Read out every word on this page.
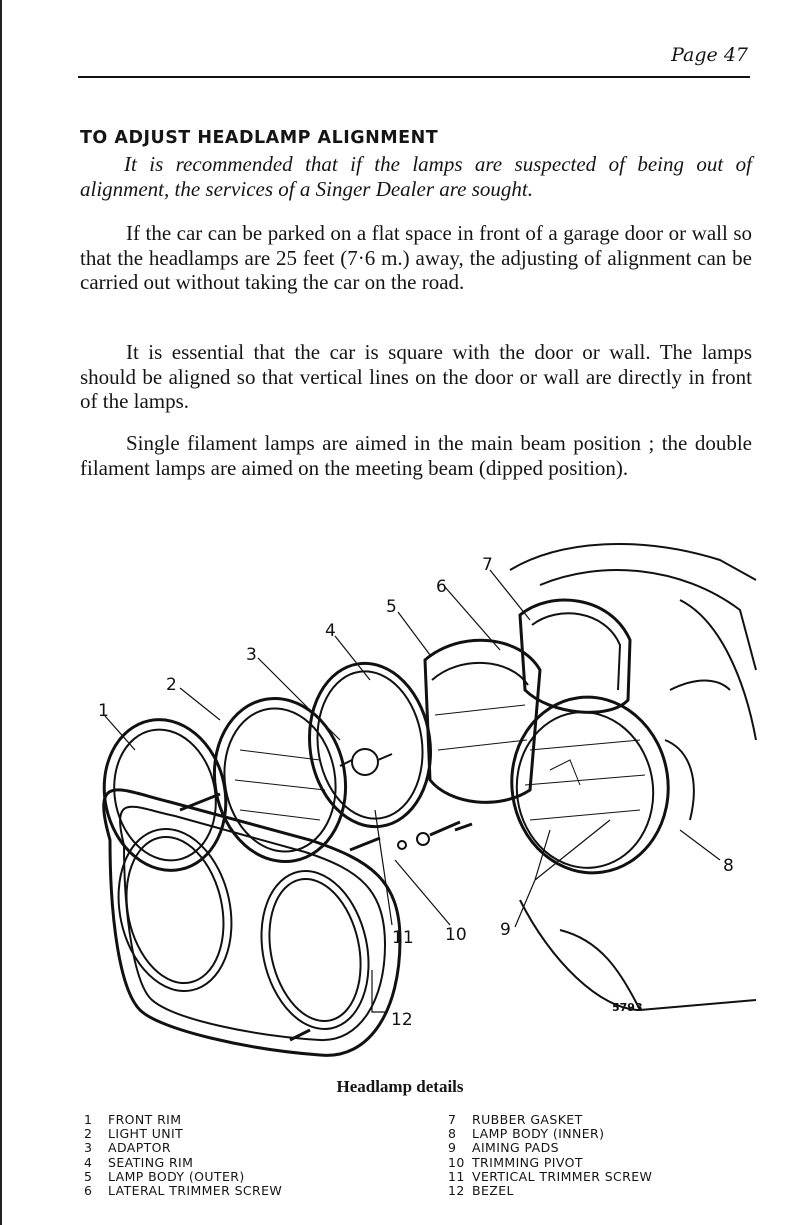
Page 47
TO ADJUST HEADLAMP ALIGNMENT
It is recommended that if the lamps are suspected of being out of alignment, the services of a Singer Dealer are sought.
If the car can be parked on a flat space in front of a garage door or wall so that the headlamps are 25 feet (7·6 m.) away, the adjusting of alignment can be carried out without taking the car on the road.
It is essential that the car is square with the door or wall. The lamps should be aligned so that vertical lines on the door or wall are directly in front of the lamps.
Single filament lamps are aimed in the main beam position ; the double filament lamps are aimed on the meeting beam (dipped position).
1
2
3
4
5
6
7
8
9
10
11
12
5793
Headlamp details
1	FRONT RIM
2	LIGHT UNIT
3	ADAPTOR
4	SEATING RIM
5	LAMP BODY (OUTER)
6	LATERAL TRIMMER SCREW
7	RUBBER GASKET
8	LAMP BODY (INNER)
9	AIMING PADS
10 TRIMMING PIVOT
11 VERTICAL TRIMMER SCREW
12 BEZEL
